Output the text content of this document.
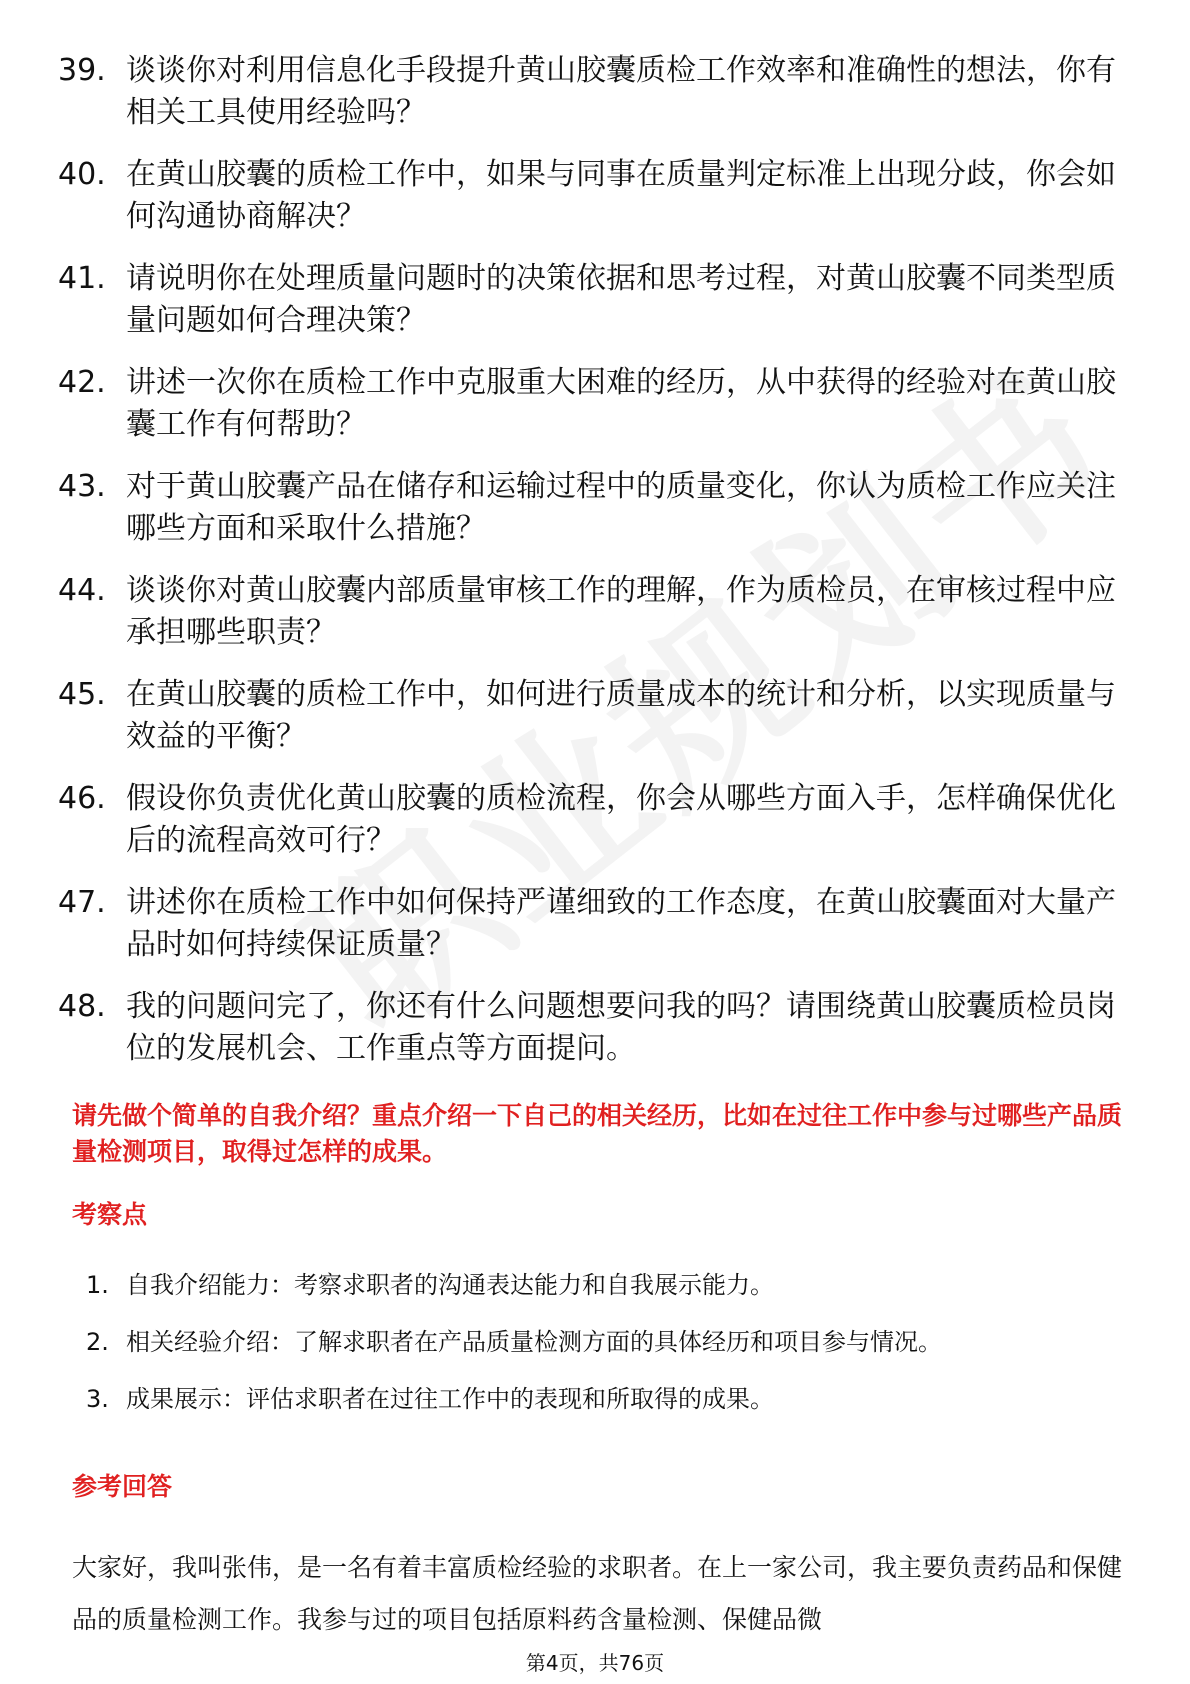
39. 谈谈你对利用信息化手段提升黄山胶囊质检工作效率和准确性的想法，你有相关工具使用经验吗？
40. 在黄山胶囊的质检工作中，如果与同事在质量判定标准上出现分歧，你会如何沟通协商解决？
41. 请说明你在处理质量问题时的决策依据和思考过程，对黄山胶囊不同类型质量问题如何合理决策？
42. 讲述一次你在质检工作中克服重大困难的经历，从中获得的经验对在黄山胶囊工作有何帮助？
43. 对于黄山胶囊产品在储存和运输过程中的质量变化，你认为质检工作应关注哪些方面和采取什么措施？
44. 谈谈你对黄山胶囊内部质量审核工作的理解，作为质检员，在审核过程中应承担哪些职责？
45. 在黄山胶囊的质检工作中，如何进行质量成本的统计和分析，以实现质量与效益的平衡？
46. 假设你负责优化黄山胶囊的质检流程，你会从哪些方面入手，怎样确保优化后的流程高效可行？
47. 讲述你在质检工作中如何保持严谨细致的工作态度，在黄山胶囊面对大量产品时如何持续保证质量？
48. 我的问题问完了，你还有什么问题想要问我的吗？请围绕黄山胶囊质检员岗位的发展机会、工作重点等方面提问。
请先做个简单的自我介绍？重点介绍一下自己的相关经历，比如在过往工作中参与过哪些产品质量检测项目，取得过怎样的成果。
考察点
1. 自我介绍能力：考察求职者的沟通表达能力和自我展示能力。
2. 相关经验介绍：了解求职者在产品质量检测方面的具体经历和项目参与情况。
3. 成果展示：评估求职者在过往工作中的表现和所取得的成果。
参考回答
大家好，我叫张伟，是一名有着丰富质检经验的求职者。在上一家公司，我主要负责药品和保健品的质量检测工作。我参与过的项目包括原料药含量检测、保健品微
第4页，共76页
